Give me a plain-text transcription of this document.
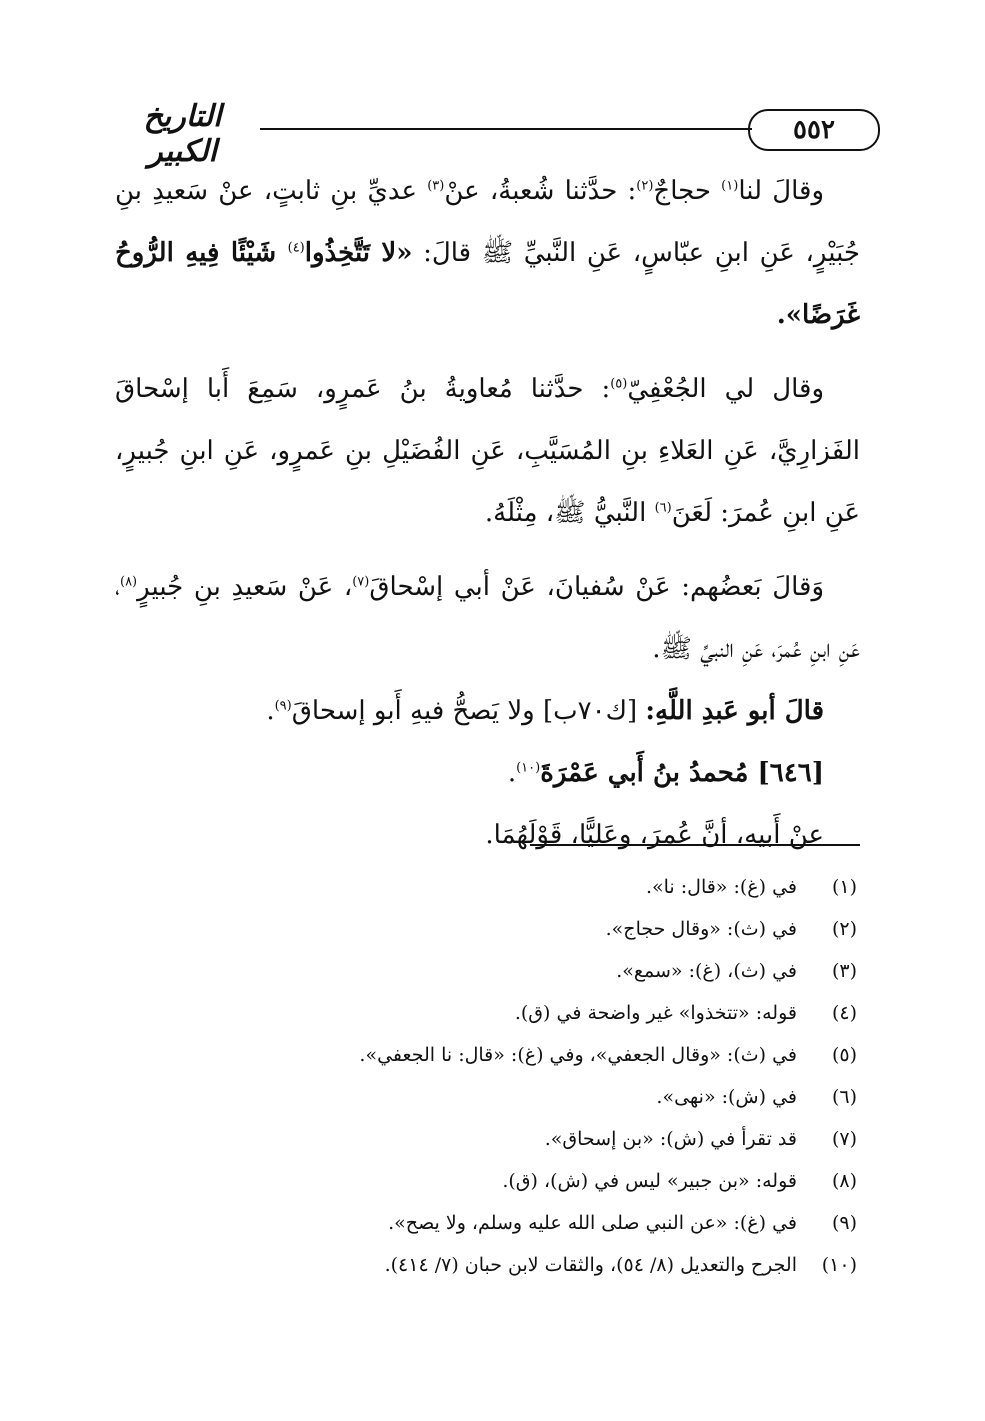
٥٥٢
التاريخ الكبير

وقالَ لنا$^{(١)}$ حجاجٌ$^{(٢)}$: حدَّثنا شُعبةُ، عنْ$^{(٣)}$ عديِّ بنِ ثابتٍ، عنْ سَعيدِ بنِ جُبَيْرٍ، عَنِ ابنِ عبّاسٍ، عَنِ النَّبيِّ ﷺ قالَ: «لا تَتَّخِذُوا$^{(٤)}$ شَيْئًا فِيهِ الرُّوحُ غَرَضًا».

وقال لي الجُعْفِيّ$^{(٥)}$: حدَّثنا مُعاويةُ بنُ عَمرٍو، سَمِعَ أَبا إسْحاقَ الفَزارِيَّ، عَنِ العَلاءِ بنِ المُسَيَّبِ، عَنِ الفُضَيْلِ بنِ عَمرٍو، عَنِ ابنِ جُبيرٍ، عَنِ ابنِ عُمرَ: لَعَنَ$^{(٦)}$ النَّبيُّ ﷺ، مِثْلَهُ.

وَقالَ بَعضُهم: عَنْ سُفيانَ، عَنْ أبي إسْحاقَ$^{(٧)}$، عَنْ سَعيدِ بنِ جُبيرٍ$^{(٨)}$، عَنِ ابنِ عُمرَ، عَنِ النبيِّ ﷺ.

قالَ أبو عَبدِ اللَّهِ: [ك٧٠ب] ولا يَصحُّ فيهِ أَبو إسحاقَ$^{(٩)}$.

[٦٤٦] مُحمدُ بنُ أَبي عَمْرَةَ$^{(١٠)}$.

عنْ أَبيه، أنَّ عُمرَ، وعَليًّا، قَوْلَهُمَا.

(١)
في (غ): «قال: نا».
(٢)
في (ث): «وقال حجاج».
(٣)
في (ث)، (غ): «سمع».
(٤)
قوله: «تتخذوا» غير واضحة في (ق).
(٥)
في (ث): «وقال الجعفي»، وفي (غ): «قال: نا الجعفي».
(٦)
في (ش): «نهى».
(٧)
قد تقرأ في (ش): «بن إسحاق».
(٨)
قوله: «بن جبير» ليس في (ش)، (ق).
(٩)
في (غ): «عن النبي صلى الله عليه وسلم، ولا يصح».
(١٠)
الجرح والتعديل (٨/ ٥٤)، والثقات لابن حبان (٧/ ٤١٤).
